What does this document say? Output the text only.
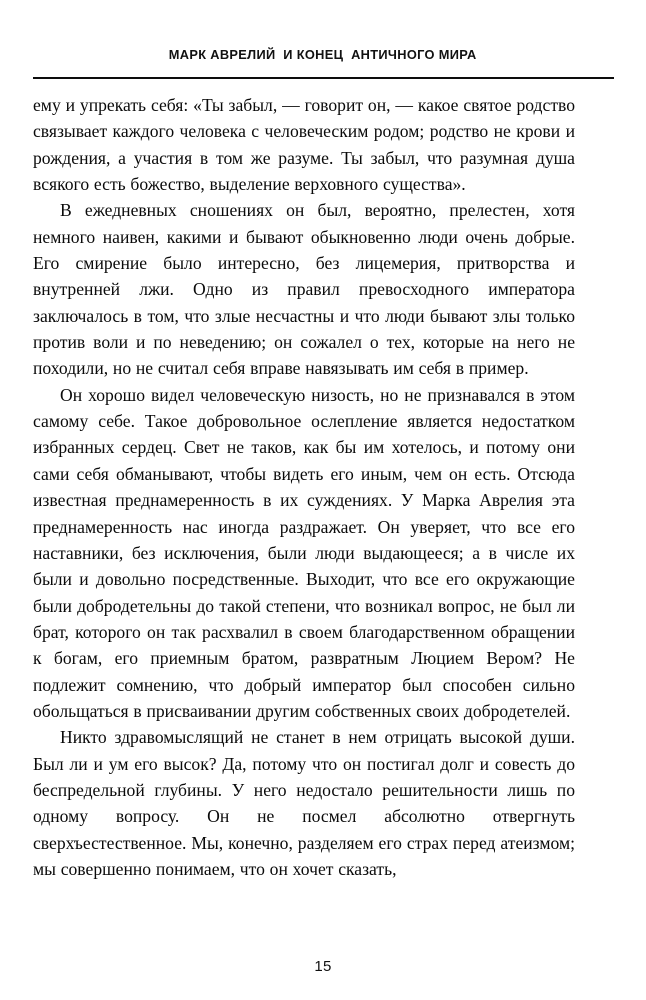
МАРК АВРЕЛИЙ  И КОНЕЦ  АНТИЧНОГО МИРА

ему и упрекать себя: «Ты забыл, — говорит он, — какое святое родство связывает каждого человека с человеческим родом; родство не крови и рождения, а участия в том же разуме. Ты забыл, что разумная душа всякого есть божество, выделение верховного существа».

В ежедневных сношениях он был, вероятно, прелестен, хотя немного наивен, какими и бывают обыкновенно люди очень добрые. Его смирение было интересно, без лицемерия, притворства и внутренней лжи. Одно из правил превосходного императора заключалось в том, что злые несчастны и что люди бывают злы только против воли и по неведению; он сожалел о тех, которые на него не походили, но не считал себя вправе навязывать им себя в пример.

Он хорошо видел человеческую низость, но не признавался в этом самому себе. Такое добровольное ослепление является недостатком избранных сердец. Свет не таков, как бы им хотелось, и потому они сами себя обманывают, чтобы видеть его иным, чем он есть. Отсюда известная преднамеренность в их суждениях. У Марка Аврелия эта преднамеренность нас иногда раздражает. Он уверяет, что все его наставники, без исключения, были люди выдающееся; а в числе их были и довольно посредственные. Выходит, что все его окружающие были добродетельны до такой степени, что возникал вопрос, не был ли брат, которого он так расхвалил в своем благодарственном обращении к богам, его приемным братом, развратным Люцием Вером? Не подлежит сомнению, что добрый император был способен сильно обольщаться в присваивании другим собственных своих добродетелей.

Никто здравомыслящий не станет в нем отрицать высокой души. Был ли и ум его высок? Да, потому что он постигал долг и совесть до беспредельной глубины. У него недостало решительности лишь по одному вопросу. Он не посмел абсолютно отвергнуть сверхъестественное. Мы, конечно, разделяем его страх перед атеизмом; мы совершенно понимаем, что он хочет сказать,

15
